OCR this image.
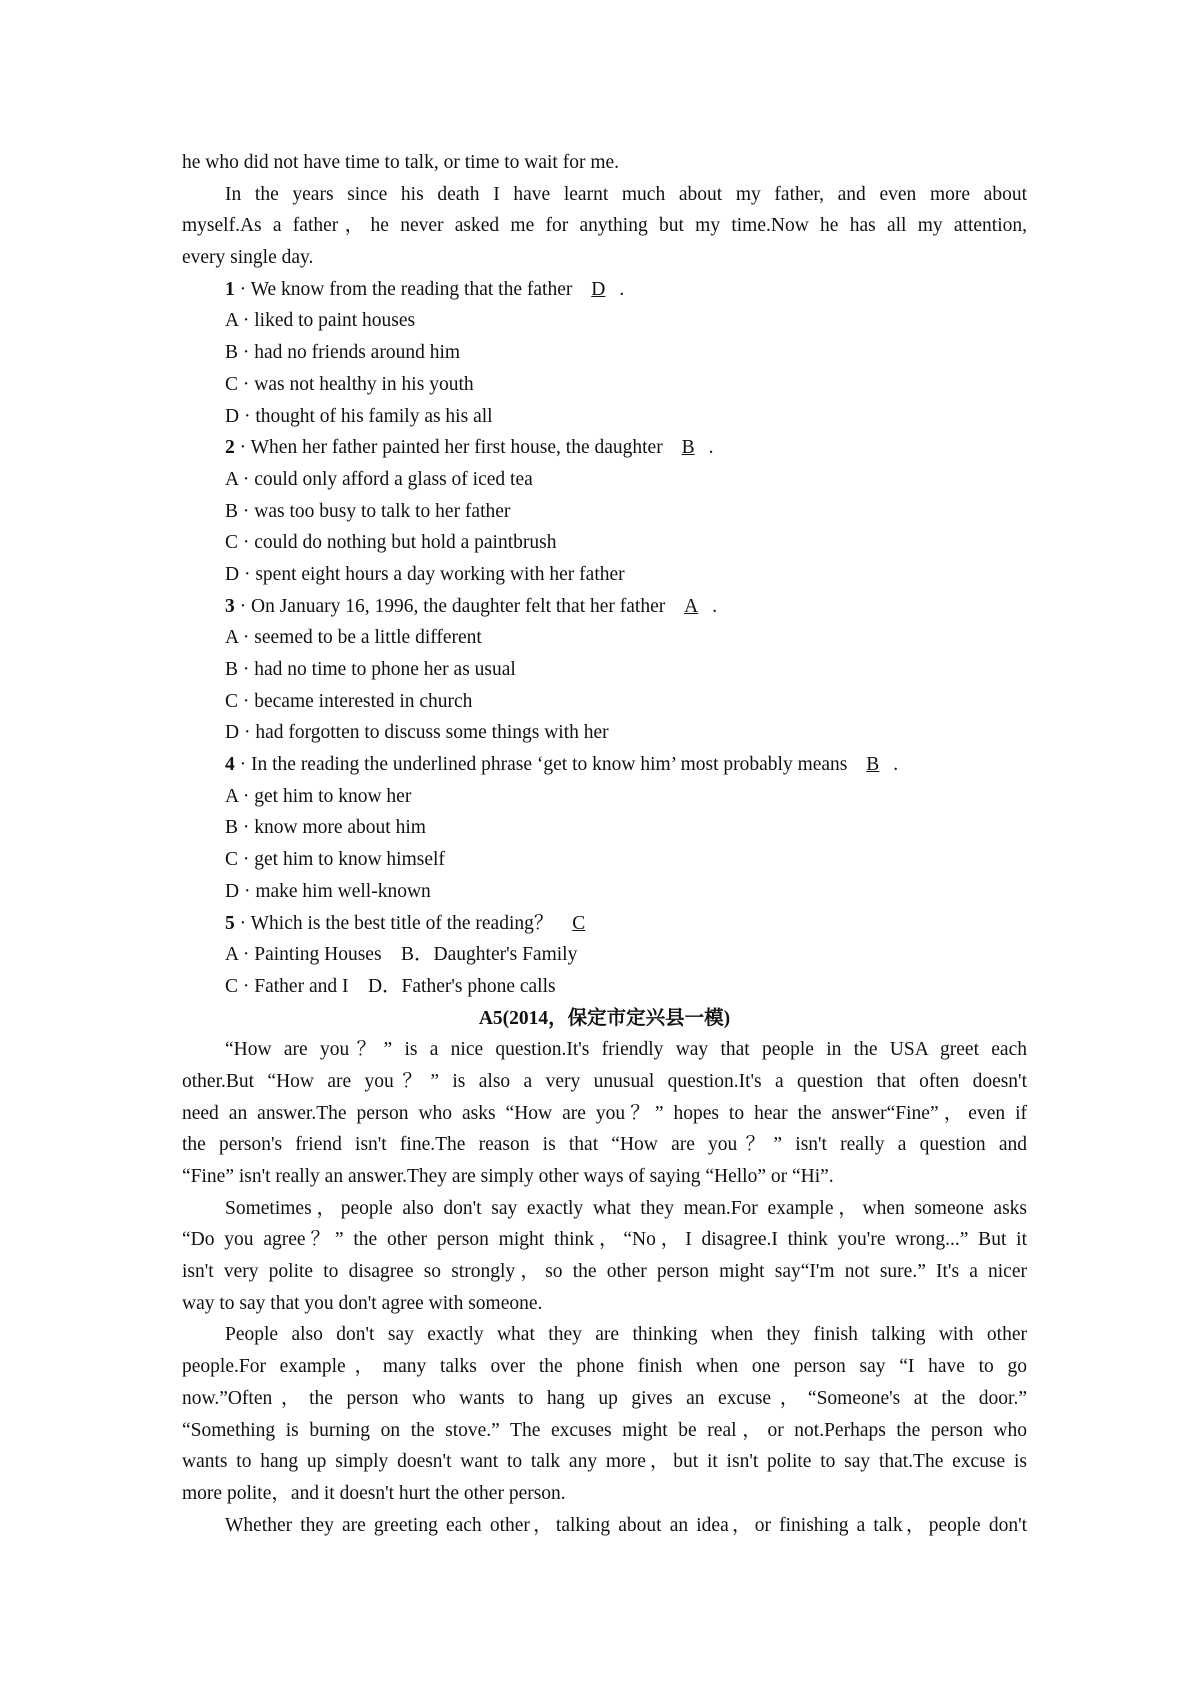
he who did not have time to talk, or time to wait for me.
In the years since his death I have learnt much about my father, and even more about
myself.As a father，he never asked me for anything but my time.Now he has all my attention,
every single day.
1 · We know from the reading that the father D .
A · liked to paint houses
B · had no friends around him
C · was not healthy in his youth
D · thought of his family as his all
2 · When her father painted her first house, the daughter B .
A · could only afford a glass of iced tea
B · was too busy to talk to her father
C · could do nothing but hold a paintbrush
D · spent eight hours a day working with her father
3 · On January 16, 1996, the daughter felt that her father A .
A · seemed to be a little different
B · had no time to phone her as usual
C · became interested in church
D · had forgotten to discuss some things with her
4 · In the reading the underlined phrase ‘get to know him’ most probably means B .
A · get him to know her
B · know more about him
C · get him to know himself
D · make him well‐known
5 · Which is the best title of the reading？ C
A · Painting Houses　B．Daughter's Family
C · Father and I　D．Father's phone calls
A5(2014，保定市定兴县一模)
“How are you？” is a nice question.It's friendly way that people in the USA greet each
other.But “How are you？” is also a very unusual question.It's a question that often doesn't
need an answer.The person who asks “How are you？” hopes to hear the answer“Fine”，even if
the person's friend isn't fine.The reason is that “How are you？” isn't really a question and
“Fine” isn't really an answer.They are simply other ways of saying “Hello” or “Hi”.
Sometimes，people also don't say exactly what they mean.For example，when someone asks
“Do you agree？” the other person might think，“No，I disagree.I think you're wrong...” But it
isn't very polite to disagree so strongly，so the other person might say“I'm not sure.” It's a nicer
way to say that you don't agree with someone.
People also don't say exactly what they are thinking when they finish talking with other
people.For example，many talks over the phone finish when one person say “I have to go
now.”Often，the person who wants to hang up gives an excuse，“Someone's at the door.”
“Something is burning on the stove.” The excuses might be real，or not.Perhaps the person who
wants to hang up simply doesn't want to talk any more，but it isn't polite to say that.The excuse is
more polite，and it doesn't hurt the other person.
Whether they are greeting each other，talking about an idea，or finishing a talk，people don't
